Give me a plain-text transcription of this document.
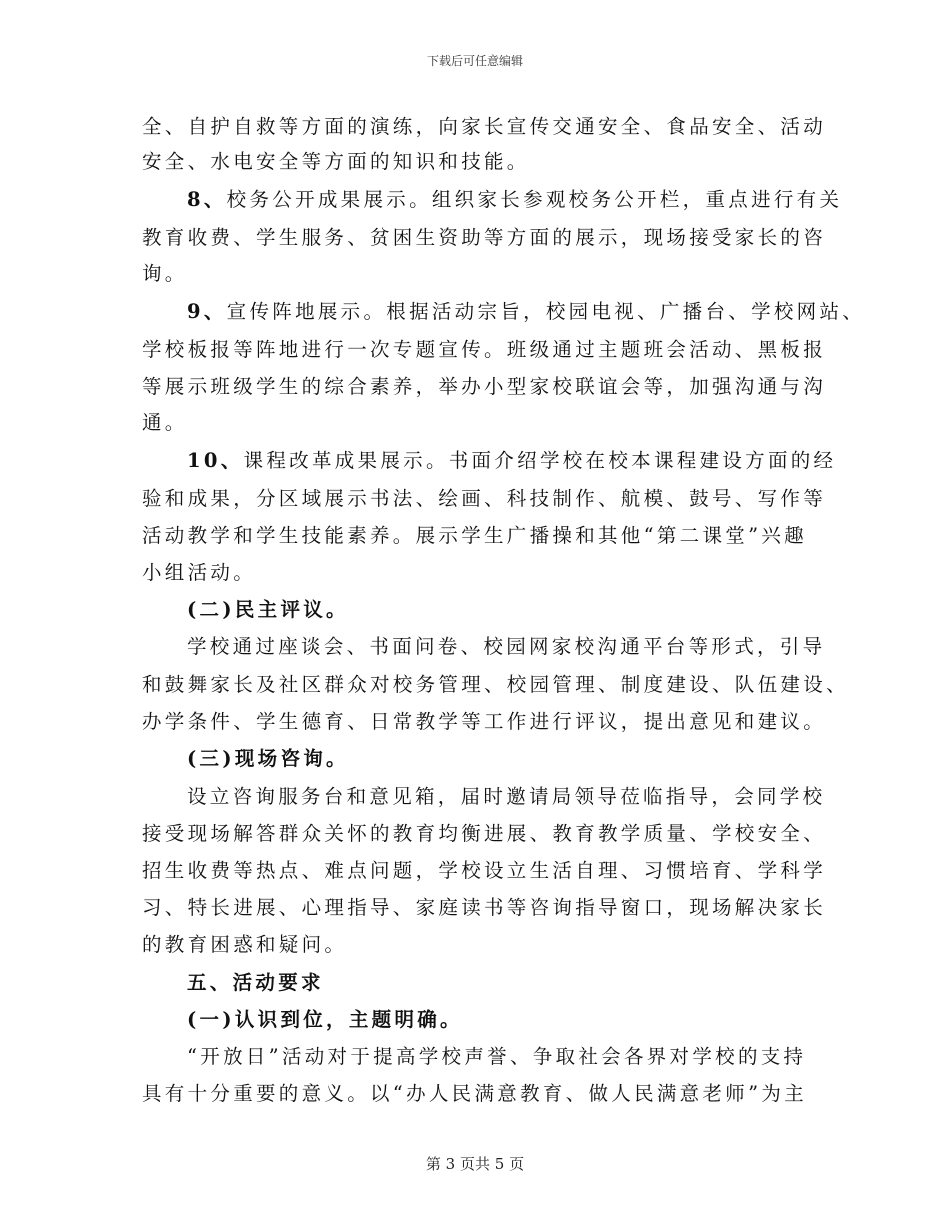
下载后可任意编辑
全、自护自救等方面的演练，向家长宣传交通安全、食品安全、活动
安全、水电安全等方面的知识和技能。
8、校务公开成果展示。组织家长参观校务公开栏，重点进行有关
教育收费、学生服务、贫困生资助等方面的展示，现场接受家长的咨
询。
9、宣传阵地展示。根据活动宗旨，校园电视、广播台、学校网站、
学校板报等阵地进行一次专题宣传。班级通过主题班会活动、黑板报
等展示班级学生的综合素养，举办小型家校联谊会等，加强沟通与沟
通。
10、课程改革成果展示。书面介绍学校在校本课程建设方面的经
验和成果，分区域展示书法、绘画、科技制作、航模、鼓号、写作等
活动教学和学生技能素养。展示学生广播操和其他“第二课堂”兴趣
小组活动。
(二)民主评议。
学校通过座谈会、书面问卷、校园网家校沟通平台等形式，引导
和鼓舞家长及社区群众对校务管理、校园管理、制度建设、队伍建设、
办学条件、学生德育、日常教学等工作进行评议，提出意见和建议。
(三)现场咨询。
设立咨询服务台和意见箱，届时邀请局领导莅临指导，会同学校
接受现场解答群众关怀的教育均衡进展、教育教学质量、学校安全、
招生收费等热点、难点问题，学校设立生活自理、习惯培育、学科学
习、特长进展、心理指导、家庭读书等咨询指导窗口，现场解决家长
的教育困惑和疑问。
五、活动要求
(一)认识到位，主题明确。
“开放日”活动对于提高学校声誉、争取社会各界对学校的支持
具有十分重要的意义。以“办人民满意教育、做人民满意老师”为主
第 3 页共 5 页
